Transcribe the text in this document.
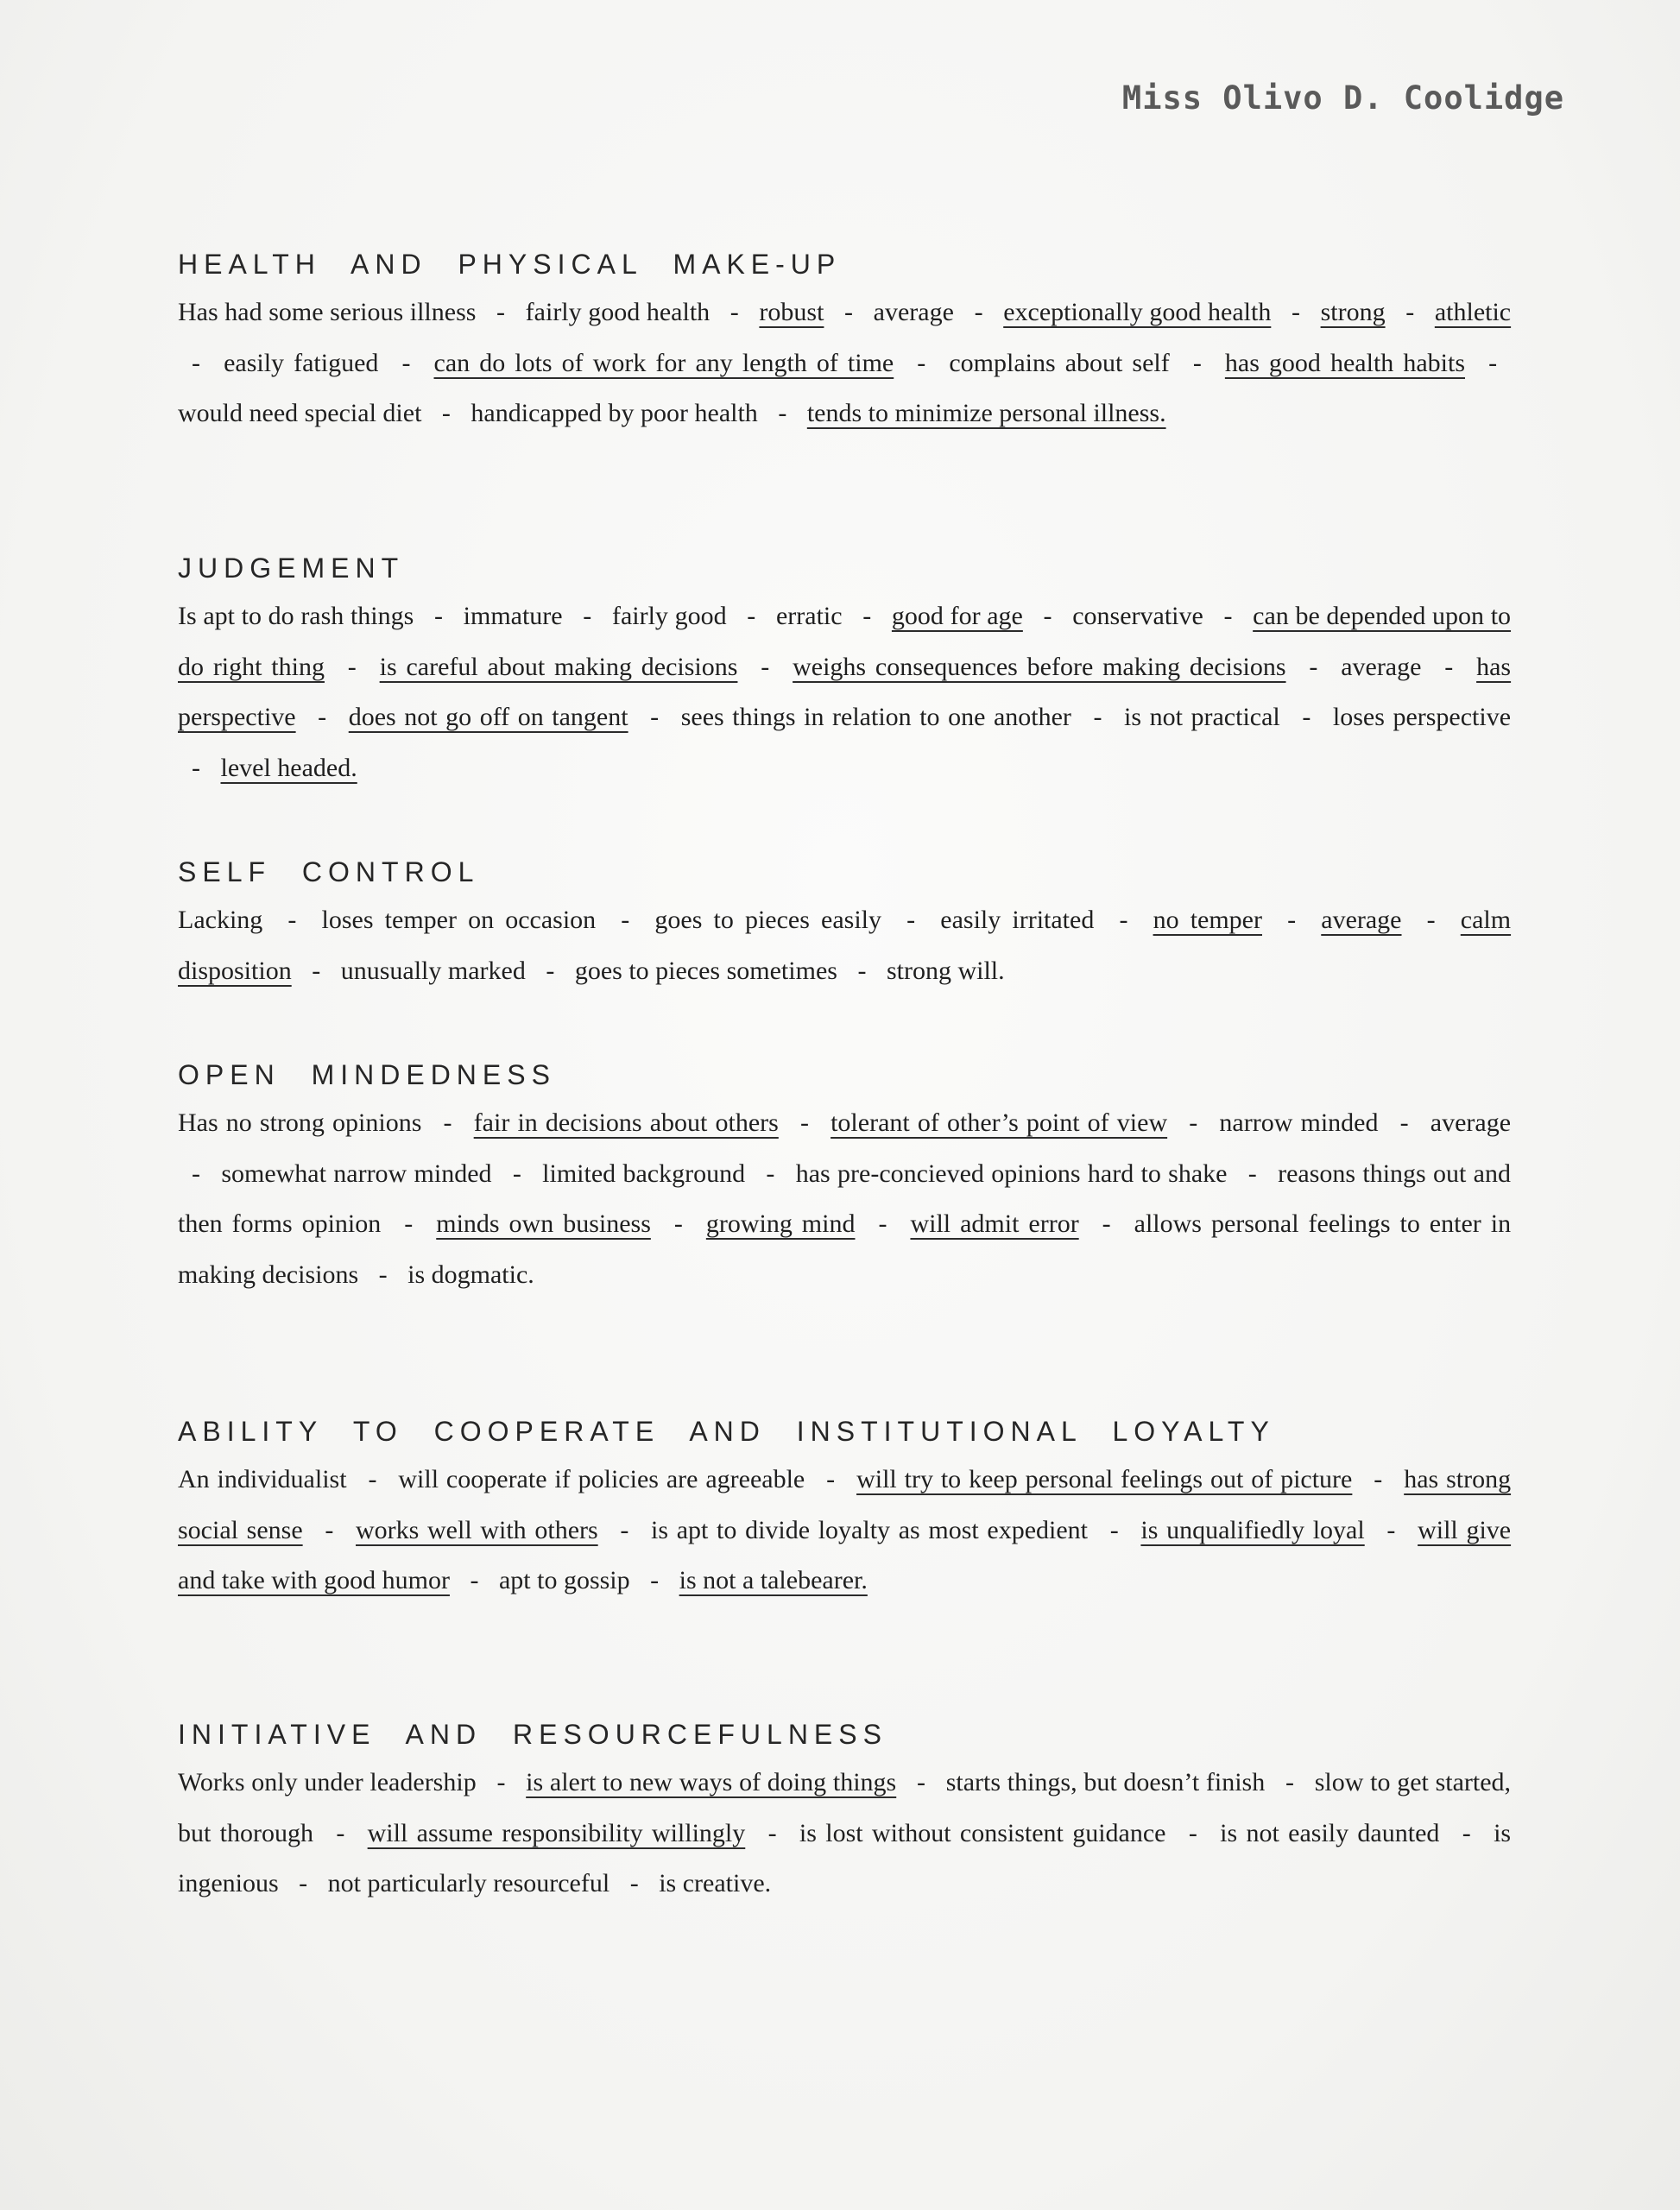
Miss Olivo D. Coolidge
HEALTH AND PHYSICAL MAKE-UP

Has had some serious illness - fairly good health - robust - average - exceptionally good health - strong - athletic - easily fatigued - can do lots of work for any length of time - complains about self - has good health habits - would need special diet - handicapped by poor health - tends to minimize personal illness.

JUDGEMENT

Is apt to do rash things - immature - fairly good - erratic - good for age - conservative - can be depended upon to do right thing - is careful about making decisions - weighs consequences before making decisions - average - has perspective - does not go off on tangent - sees things in relation to one another - is not practical - loses perspective - level headed.

SELF CONTROL

Lacking - loses temper on occasion - goes to pieces easily - easily irritated - no temper - average - calm disposition - unusually marked - goes to pieces sometimes - strong will.

OPEN MINDEDNESS

Has no strong opinions - fair in decisions about others - tolerant of other’s point of view - narrow minded - average - somewhat narrow minded - limited background - has pre-concieved opinions hard to shake - reasons things out and then forms opinion - minds own business - growing mind - will admit error - allows personal feelings to enter in making decisions - is dogmatic.

ABILITY TO COOPERATE AND INSTITUTIONAL LOYALTY

An individualist - will cooperate if policies are agreeable - will try to keep personal feelings out of picture - has strong social sense - works well with others - is apt to divide loyalty as most expedient - is unqualifiedly loyal - will give and take with good humor - apt to gossip - is not a talebearer.

INITIATIVE AND RESOURCEFULNESS

Works only under leadership - is alert to new ways of doing things - starts things, but doesn’t finish - slow to get started, but thorough - will assume responsibility willingly - is lost without consistent guidance - is not easily daunted - is ingenious - not particularly resourceful - is creative.
